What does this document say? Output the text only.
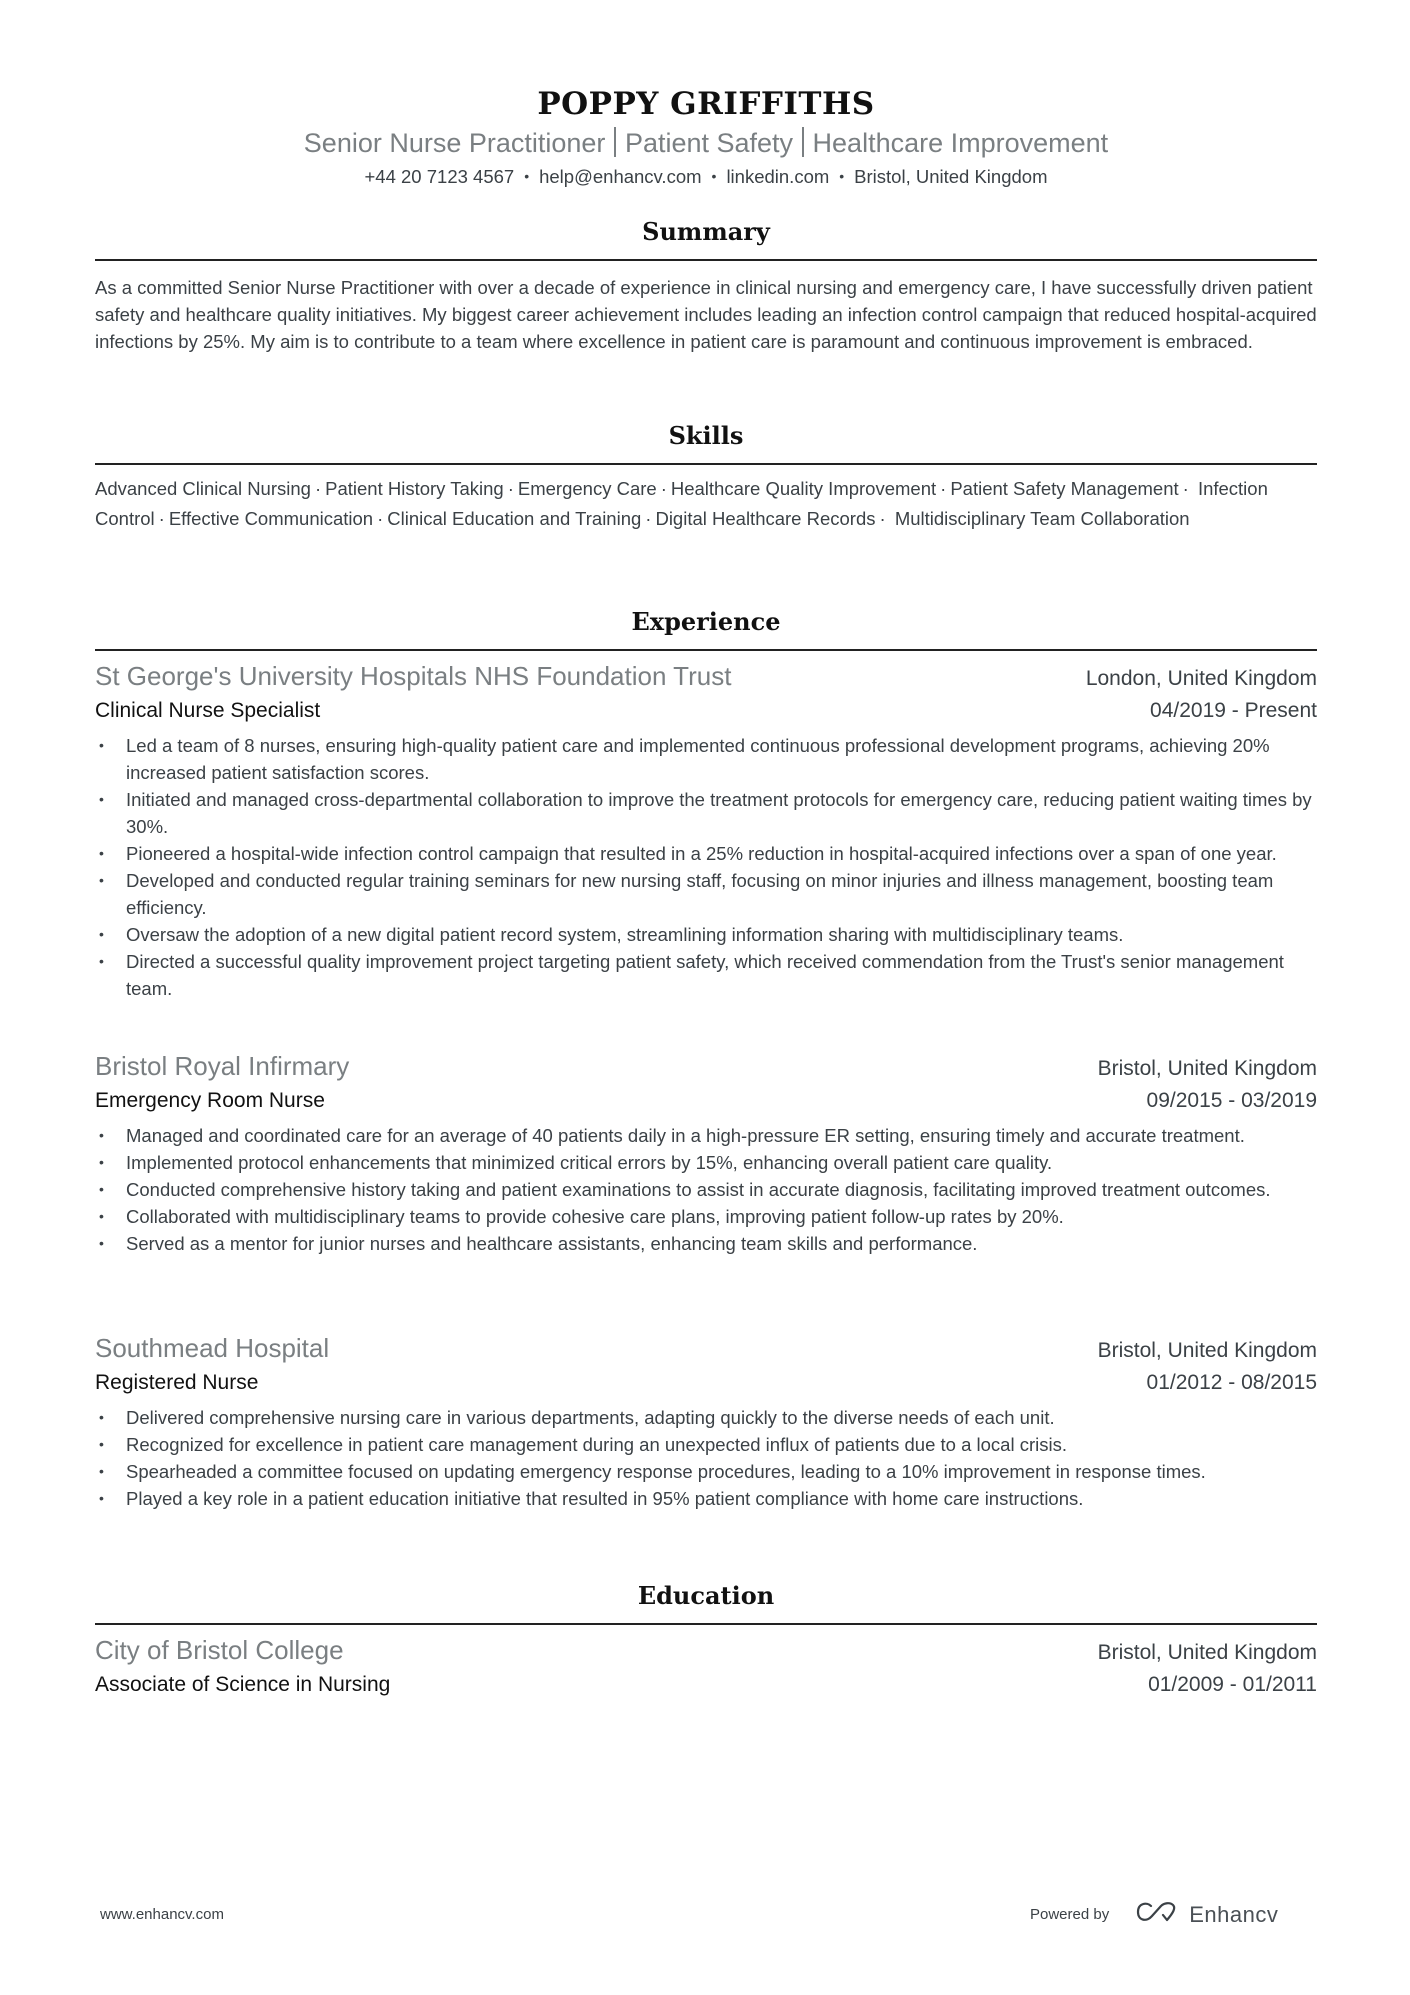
POPPY GRIFFITHS
Senior Nurse Practitioner Patient Safety Healthcare Improvement
+44 20 7123 4567 • help@enhancv.com • linkedin.com • Bristol, United Kingdom
Summary
As a committed Senior Nurse Practitioner with over a decade of experience in clinical nursing and emergency care, I have successfully driven patient safety and healthcare quality initiatives. My biggest career achievement includes leading an infection control campaign that reduced hospital-acquired infections by 25%. My aim is to contribute to a team where excellence in patient care is paramount and continuous improvement is embraced.
Skills
Advanced Clinical Nursing · Patient History Taking · Emergency Care · Healthcare Quality Improvement · Patient Safety Management · Infection Control · Effective Communication · Clinical Education and Training · Digital Healthcare Records · Multidisciplinary Team Collaboration
Experience
St George's University Hospitals NHS Foundation Trust	London, United Kingdom
Clinical Nurse Specialist	04/2019 - Present
• Led a team of 8 nurses, ensuring high-quality patient care and implemented continuous professional development programs, achieving 20% increased patient satisfaction scores.
• Initiated and managed cross-departmental collaboration to improve the treatment protocols for emergency care, reducing patient waiting times by 30%.
• Pioneered a hospital-wide infection control campaign that resulted in a 25% reduction in hospital-acquired infections over a span of one year.
• Developed and conducted regular training seminars for new nursing staff, focusing on minor injuries and illness management, boosting team efficiency.
• Oversaw the adoption of a new digital patient record system, streamlining information sharing with multidisciplinary teams.
• Directed a successful quality improvement project targeting patient safety, which received commendation from the Trust's senior management team.
Bristol Royal Infirmary	Bristol, United Kingdom
Emergency Room Nurse	09/2015 - 03/2019
• Managed and coordinated care for an average of 40 patients daily in a high-pressure ER setting, ensuring timely and accurate treatment.
• Implemented protocol enhancements that minimized critical errors by 15%, enhancing overall patient care quality.
• Conducted comprehensive history taking and patient examinations to assist in accurate diagnosis, facilitating improved treatment outcomes.
• Collaborated with multidisciplinary teams to provide cohesive care plans, improving patient follow-up rates by 20%.
• Served as a mentor for junior nurses and healthcare assistants, enhancing team skills and performance.
Southmead Hospital	Bristol, United Kingdom
Registered Nurse	01/2012 - 08/2015
• Delivered comprehensive nursing care in various departments, adapting quickly to the diverse needs of each unit.
• Recognized for excellence in patient care management during an unexpected influx of patients due to a local crisis.
• Spearheaded a committee focused on updating emergency response procedures, leading to a 10% improvement in response times.
• Played a key role in a patient education initiative that resulted in 95% patient compliance with home care instructions.
Education
City of Bristol College	Bristol, United Kingdom
Associate of Science in Nursing	01/2009 - 01/2011
www.enhancv.com	Powered by	Enhancv
